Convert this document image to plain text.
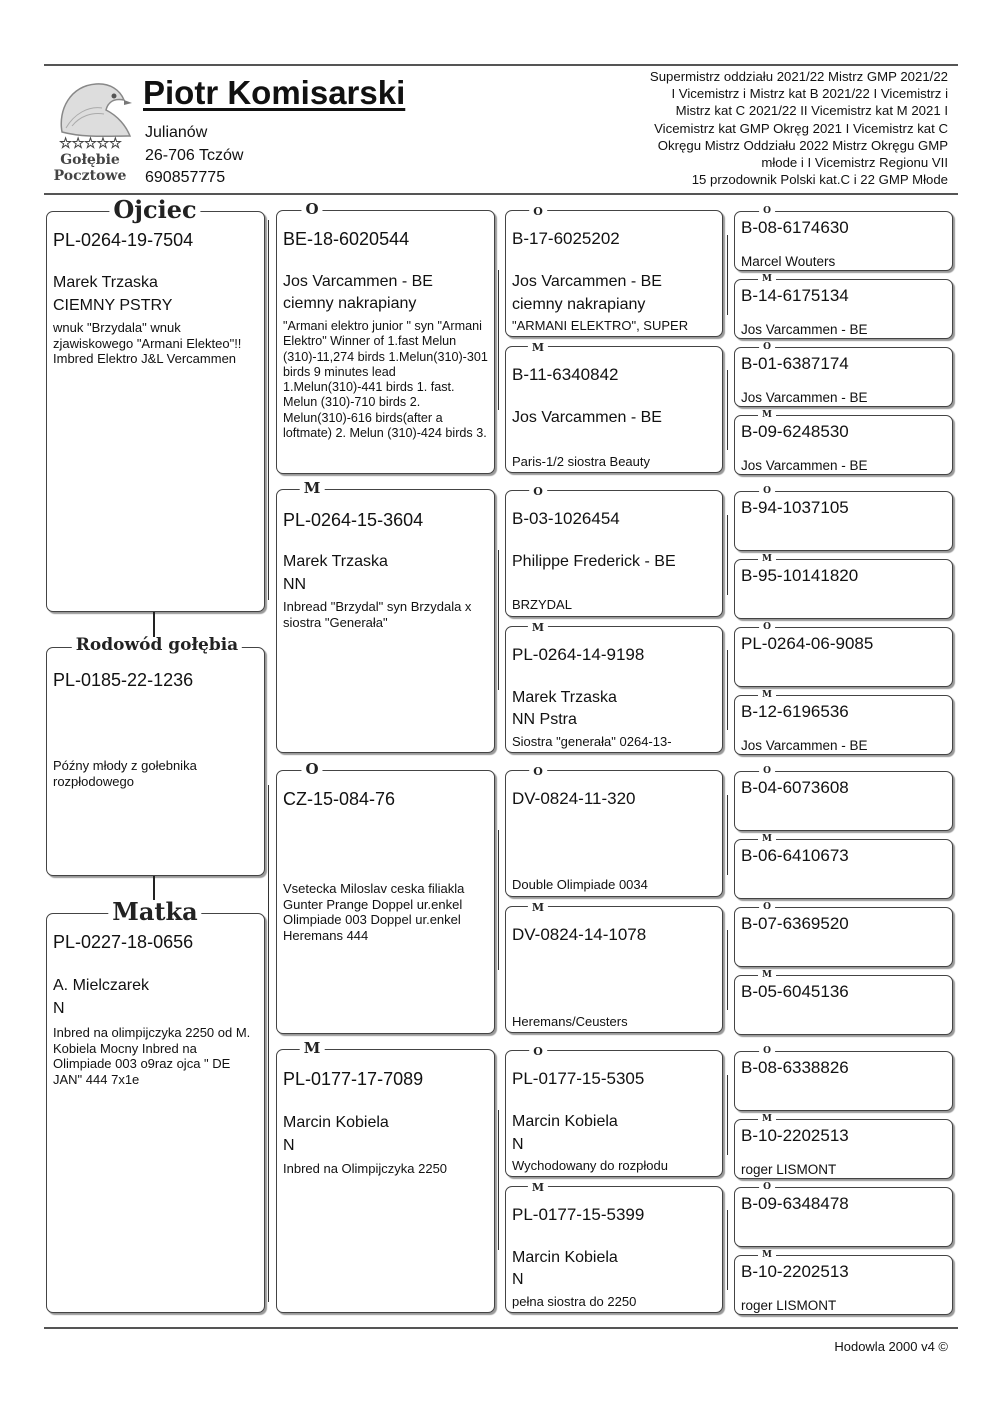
☆☆☆☆☆
Gołębie
Pocztowe
Piotr Komisarski
Julianów
26-706 Tczów
690857775
Supermistrz oddziału 2021/22 Mistrz GMP 2021/22
I Vicemistrz i Mistrz kat B 2021/22 I Vicemistrz i
Mistrz kat C 2021/22 II Vicemistrz kat M 2021 I
Vicemistrz kat GMP Okręg 2021 I Vicemistrz kat C
Okręgu Mistrz Oddziału 2022 Mistrz Okręgu GMP
młode i I Vicemistrz Regionu VII
15 przodownik Polski kat.C i 22 GMP Młode
PL-0264-19-7504
Marek Trzaska
CIEMNY PSTRY
wnuk "Brzydala" wnuk zjawiskowego "Armani Elekteo"!! Imbred Elektro J&L Vercammen
Ojciec
PL-0185-22-1236
Późny młody z gołebnika rozpłodowego
Rodowód gołębia
PL-0227-18-0656
A. Mielczarek
N
Inbred na olimpijczyka 2250 od M. Kobiela Mocny Inbred na Olimpiade 003 o9raz ojca " DE JAN" 444 7x1e
Matka
BE-18-6020544
Jos Varcammen - BE
ciemny nakrapiany
"Armani elektro junior " syn "Armani Elektro" Winner of 1.fast Melun (310)-11,274 birds 1.Melun(310)-301 birds 9 minutes lead 1.Melun(310)-441 birds 1. fast. Melun (310)-710 birds 2. Melun(310)-616 birds(after a loftmate) 2. Melun (310)-424 birds 3.
O
PL-0264-15-3604
Marek Trzaska
NN
Inbread "Brzydal" syn Brzydala x siostra "Generała"
M
CZ-15-084-76
Vsetecka Miloslav ceska filiakla Gunter Prange Doppel ur.enkel Olimpiade 003 Doppel ur.enkel Heremans 444
O
PL-0177-17-7089
Marcin Kobiela
N
Inbred na Olimpijczyka 2250
M
B-17-6025202
Jos Varcammen - BE
ciemny nakrapiany
"ARMANI ELEKTRO", SUPER
O
B-11-6340842
Jos Varcammen - BE
Paris-1/2 siostra Beauty
M
B-03-1026454
Philippe Frederick - BE
BRZYDAL
O
PL-0264-14-9198
Marek Trzaska
NN Pstra
Siostra "generała" 0264-13-
M
DV-0824-11-320
Double Olimpiade 0034
O
DV-0824-14-1078
Heremans/Ceusters
M
PL-0177-15-5305
Marcin Kobiela
N
Wychodowany do rozpłodu
O
PL-0177-15-5399
Marcin Kobiela
N
pełna siostra do 2250
M
B-08-6174630
Marcel Wouters
O
B-14-6175134
Jos Varcammen - BE
M
B-01-6387174
Jos Varcammen - BE
O
B-09-6248530
Jos Varcammen - BE
M
B-94-1037105
O
B-95-10141820
M
PL-0264-06-9085
O
B-12-6196536
Jos Varcammen - BE
M
B-04-6073608
O
B-06-6410673
M
B-07-6369520
O
B-05-6045136
M
B-08-6338826
O
B-10-2202513
roger LISMONT
M
B-09-6348478
O
B-10-2202513
roger LISMONT
M
Hodowla 2000 v4 ©
